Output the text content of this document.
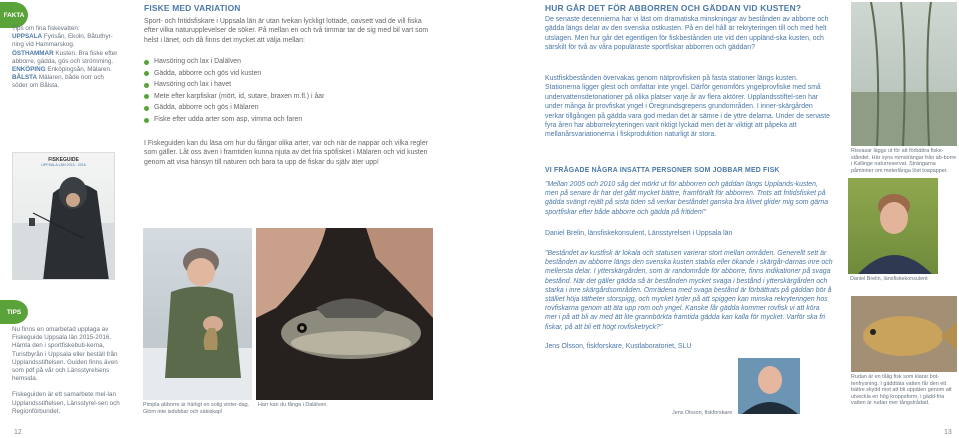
FAKTA
Tips om fina fiskevatten:
UPPSALA Fyrisån, Ekoln, Båtuthyr-ning vid Hammarskog.
ÖSTHAMMAR Kusten. Bra fiske efter abborre, gädda, gös och strömming.
ENKÖPING Enköpingsån, Mälaren.
BÅLSTA Mälaren, både norr och söder om Bålsta.
FISKEGUIDE
UPPSALA LÄN 2015 - 2016
TIPS

Nu finns en omarbetad upplaga av Fiskeguide Uppsala län 2015-2016. Hämta den i sportfiskebuti-kerna, Turistbyrån i Uppsala eller beställ från Upplandsstiftelsen. Guiden finns även som pdf på vår och Länsstyrelsens hemsida.

Fiskeguiden är ett samarbete mel-lan Upplandsstiftelsen, Länsstyrel-sen och Regionförbundet.

12
FISKE MED VARIATION
Sport- och fritidsfiskare i Uppsala län är utan tvekan lyckligt lottade, oavsett vad de vill fiska efter vilka naturupplevelser de söker. På mellan en och två timmar tar de sig med bil vart som helst i länet, och då finns det mycket att välja mellan:
Havsöring och lax i Dalälven
Gädda, abborre och gös vid kusten
Havsöring och lax i havet
Mete efter karpfiskar (mört, id, sutare, braxen m.fl.) i åar
Gädda, abborre och gös i Mälaren
Fiske efter udda arter som asp, vimma och faren
I Fiskeguiden kan du läsa om hur du fångar olika arter, var och när de nappar och vilka regler som gäller. Låt oss även i framtiden kunna njuta av det fria spöfisket i Mälaren och vid kusten genom att visa hänsyn till naturen och bara ta upp de fiskar du själv äter upp!
Pimpla abborre är härligt en solig vinter-dag. Glöm inte isdubbar och säkiskap!
Harr kan du fånga i Dalälven.
HUR GÅR DET FÖR ABBORREN OCH GÄDDAN VID KUSTEN?
De senaste decennierna har vi läst om dramatiska minskningar av bestånden av abborre och gädda längs delar av den svenska ostkusten. På en del håll är rekryteringen till och med helt utslagen. Men hur går det egentligen för fiskbestånden ute vid den uppländ-ska kusten, och särskilt för två av våra populäraste sportfiskar abborren och gäddan?
Kustfiskbestånden övervakas genom nätprovfisken på fasta stationer längs kusten. Stationerna ligger glest och omfattar inte yngel. Därför genomförs yngelprovfiske med små undervattensdetonationer på olika platser varje år av flera aktörer. Upplandsstiftel-sen har under många år provfiskat yngel i Öregrundsgrepens grundområden. I inner-skärgården verkar tillgången på gädda vara god medan det är sämre i de yttre delarna. Under de senaste fyra åren har abborrekryteringen varit riktigt lyckad men det är viktigt att påpeka att mellanårsvariationerna i fiskproduktion naturligt är stora.
VI FRÅGADE NÅGRA INSATTA PERSONER SOM JOBBAR MED FISK
"Mellan 2005 och 2010 såg det mörkt ut för abborren och gäddan längs Upplands-kusten, men på senare år har det gått mycket bättre, framförallt för abborren. Trots att fritidsfisket på gädda svängt rejält på sista tiden så verkar beståndet ganska bra klivet glider mig som gärna sportfiskar efter både abborre och gädda på fritiden!"
Daniel Brelin, länsfiskekonsulent, Länsstyrelsen i Uppsala län
"Beståndet av kustfisk är lokala och statusen varierar stort mellan områden. Generellt sett är bestånden av abborre längs den svenska kusten stabila eller ökande i skärgår-darnas inre och mellersta delar. I ytterskärgården, som är randområde för abborre, finns indikationer på svaga bestånd. När det gäller gädda så är bestånden mycket svaga i bestånd i ytterskärgården och starka i inre skärgårdsområden. Omrädena med svaga bestånd är förbättrats på gäddan bör å ställiet höja tätheter storspigg, och mycket tyder på att spiggen kan minska rekryteringen hos rovfiskarna genom att äta upp rom och yngel. Kanske får gädda kommer rovfisk vi att köra mer i på att bli av med ätt lite grannbörkta framtida gädda kan kalla för mycket. Varför ska fri fiskar, på att bli ett högt rovfisketryck?"
Jens Olsson, fiskforskare, Kustlaboratoriet, SLU
Daniel Brelin, länsfiskekonsulent
Jens Olsson, fiskforskare
Risvasar läggs ut för att förbättra fiske-ståndet. Här syns romsträngar från ab-borre i Kallinge naturreservat. Strängarna påminner om meterlånga löst toapapper.
Rudan är en tålig fisk som klarar bot-tenfrysning. I gäddtäta vatten får den ett bättre skydd mot att bli uppäten genom att utveckla en hög kroppsform, i gädd-fria vatten är rudan mer tångstrådad.
13
